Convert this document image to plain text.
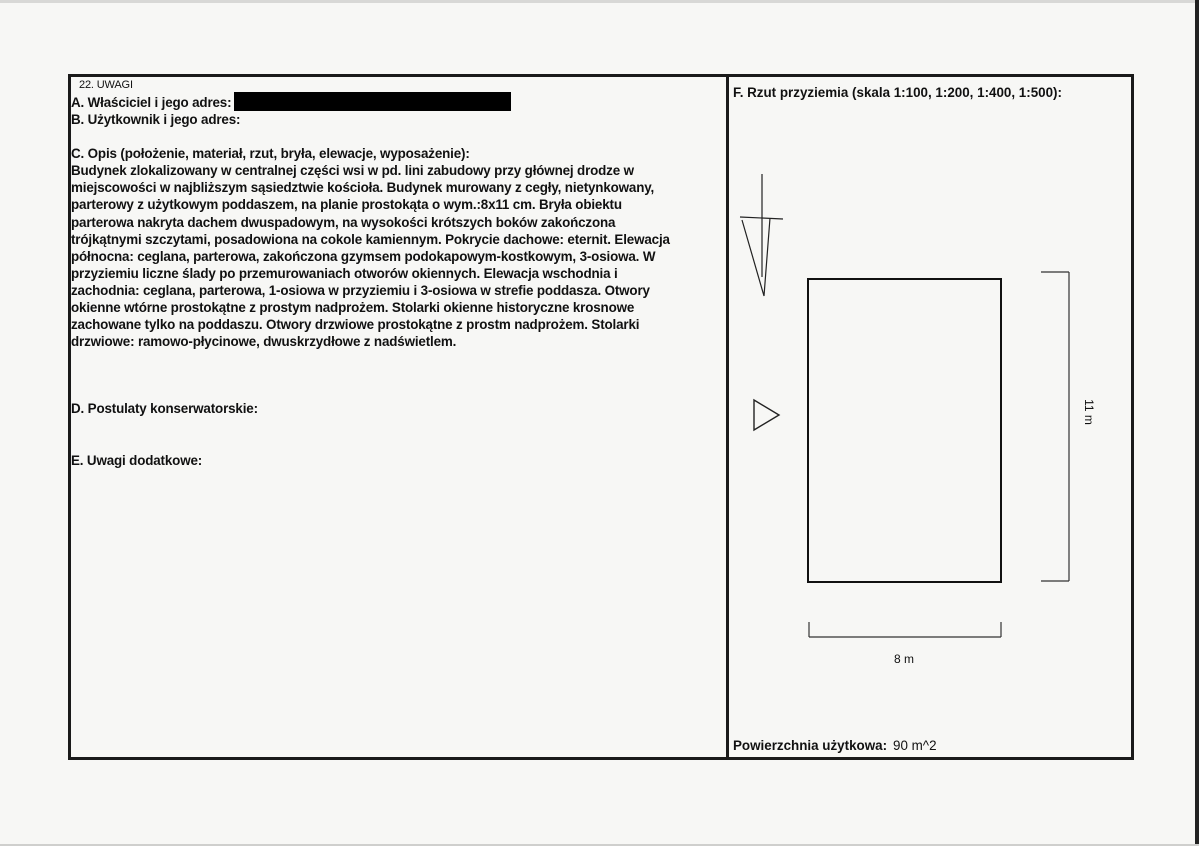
22. UWAGI
A. Właściciel i jego adres:
B. Użytkownik i jego adres:
C. Opis (położenie, materiał, rzut, bryła, elewacje, wyposażenie):
Budynek zlokalizowany w centralnej części wsi w pd. lini zabudowy przy głównej drodze w
miejscowości w najbliższym sąsiedztwie kościoła. Budynek murowany z cegły, nietynkowany,
parterowy z użytkowym poddaszem, na planie prostokąta o wym.:8x11 cm. Bryła obiektu
parterowa nakryta dachem dwuspadowym, na wysokości krótszych boków zakończona
trójkątnymi szczytami, posadowiona na cokole kamiennym. Pokrycie dachowe: eternit. Elewacja
północna: ceglana, parterowa, zakończona gzymsem podokapowym-kostkowym, 3-osiowa. W
przyziemiu liczne ślady po przemurowaniach otworów okiennych. Elewacja wschodnia i
zachodnia: ceglana, parterowa, 1-osiowa w przyziemiu i 3-osiowa w strefie poddasza. Otwory
okienne wtórne prostokątne z prostym nadprożem. Stolarki okienne historyczne krosnowe
zachowane tylko na poddaszu. Otwory drzwiowe prostokątne z prostm nadprożem. Stolarki
drzwiowe: ramowo-płycinowe, dwuskrzydłowe z nadświetlem.
D. Postulaty konserwatorskie:
E. Uwagi dodatkowe:
F. Rzut przyziemia (skala 1:100, 1:200, 1:400, 1:500):
11 m
8 m
Powierzchnia użytkowa: 90 m^2
